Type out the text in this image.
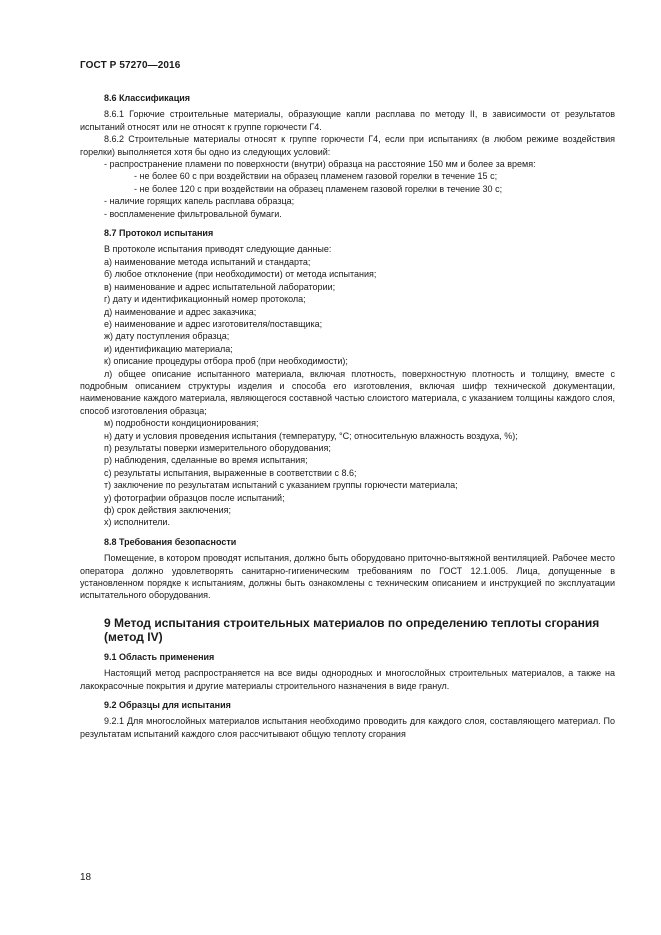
ГОСТ Р 57270—2016
8.6 Классификация

8.6.1 Горючие строительные материалы, образующие капли расплава по методу II, в зависимости от результатов испытаний относят или не относят к группе горючести Г4.

8.6.2 Строительные материалы относят к группе горючести Г4, если при испытаниях (в любом режиме воздействия горелки) выполняется хотя бы одно из следующих условий:

- распространение пламени по поверхности (внутри) образца на расстояние 150 мм и более за время:

- не более 60 с при воздействии на образец пламенем газовой горелки в течение 15 с;

- не более 120 с при воздействии на образец пламенем газовой горелки в течение 30 с;

- наличие горящих капель расплава образца;

- воспламенение фильтровальной бумаги.

8.7 Протокол испытания

В протоколе испытания приводят следующие данные:

а) наименование метода испытаний и стандарта;

б) любое отклонение (при необходимости) от метода испытания;

в) наименование и адрес испытательной лаборатории;

г) дату и идентификационный номер протокола;

д) наименование и адрес заказчика;

е) наименование и адрес изготовителя/поставщика;

ж) дату поступления образца;

и) идентификацию материала;

к) описание процедуры отбора проб (при необходимости);

л) общее описание испытанного материала, включая плотность, поверхностную плотность и толщину, вместе с подробным описанием структуры изделия и способа его изготовления, включая шифр технической документации, наименование каждого материала, являющегося составной частью слоистого материала, с указанием толщины каждого слоя, способ изготовления образца;

м) подробности кондиционирования;

н) дату и условия проведения испытания (температуру, °С; относительную влажность воздуха, %);

п) результаты поверки измерительного оборудования;

р) наблюдения, сделанные во время испытания;

с) результаты испытания, выраженные в соответствии с 8.6;

т) заключение по результатам испытаний с указанием группы горючести материала;

у) фотографии образцов после испытаний;

ф) срок действия заключения;

х) исполнители.

8.8 Требования безопасности

Помещение, в котором проводят испытания, должно быть оборудовано приточно-вытяжной вентиляцией. Рабочее место оператора должно удовлетворять санитарно-гигиеническим требованиям по ГОСТ 12.1.005. Лица, допущенные в установленном порядке к испытаниям, должны быть ознакомлены с техническим описанием и инструкцией по эксплуатации испытательного оборудования.

9 Метод испытания строительных материалов по определению теплоты сгорания (метод IV)
9.1 Область применения

Настоящий метод распространяется на все виды однородных и многослойных строительных материалов, а также на лакокрасочные покрытия и другие материалы строительного назначения в виде гранул.

9.2 Образцы для испытания

9.2.1 Для многослойных материалов испытания необходимо проводить для каждого слоя, составляющего материал. По результатам испытаний каждого слоя рассчитывают общую теплоту сгорания

18
